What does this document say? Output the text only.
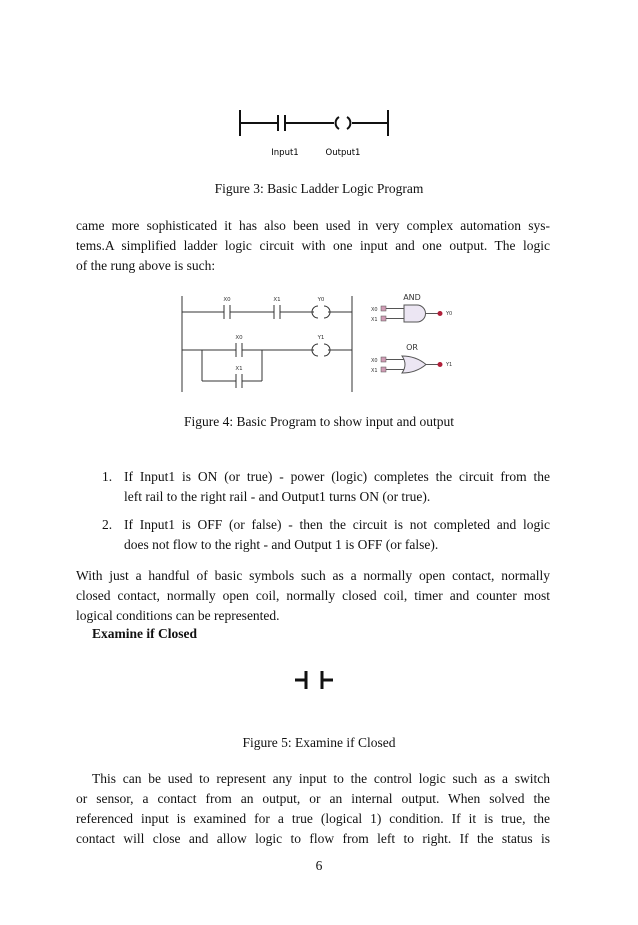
Input1	Output1
Figure 3: Basic Ladder Logic Program
came more sophisticated it has also been used in very complex automation sys-
tems.A simplified ladder logic circuit with one input and one output. The logic
of the rung above is such:
X0	X1
X0
X1
Y0
Y1
AND
X0
X1
Y0
OR
X0
X1
Y1
Figure 4: Basic Program to show input and output
1. If Input1 is ON (or true) - power (logic) completes the circuit from the
left rail to the right rail - and Output1 turns ON (or true).
2. If Input1 is OFF (or false) - then the circuit is not completed and logic
does not flow to the right - and Output 1 is OFF (or false).
With just a handful of basic symbols such as a normally open contact, normally
closed contact, normally open coil, normally closed coil, timer and counter most
logical conditions can be represented.
Examine if Closed
Figure 5: Examine if Closed
This can be used to represent any input to the control logic such as a switch
or sensor, a contact from an output, or an internal output. When solved the
referenced input is examined for a true (logical 1) condition. If it is true, the
contact will close and allow logic to flow from left to right. If the status is
6
